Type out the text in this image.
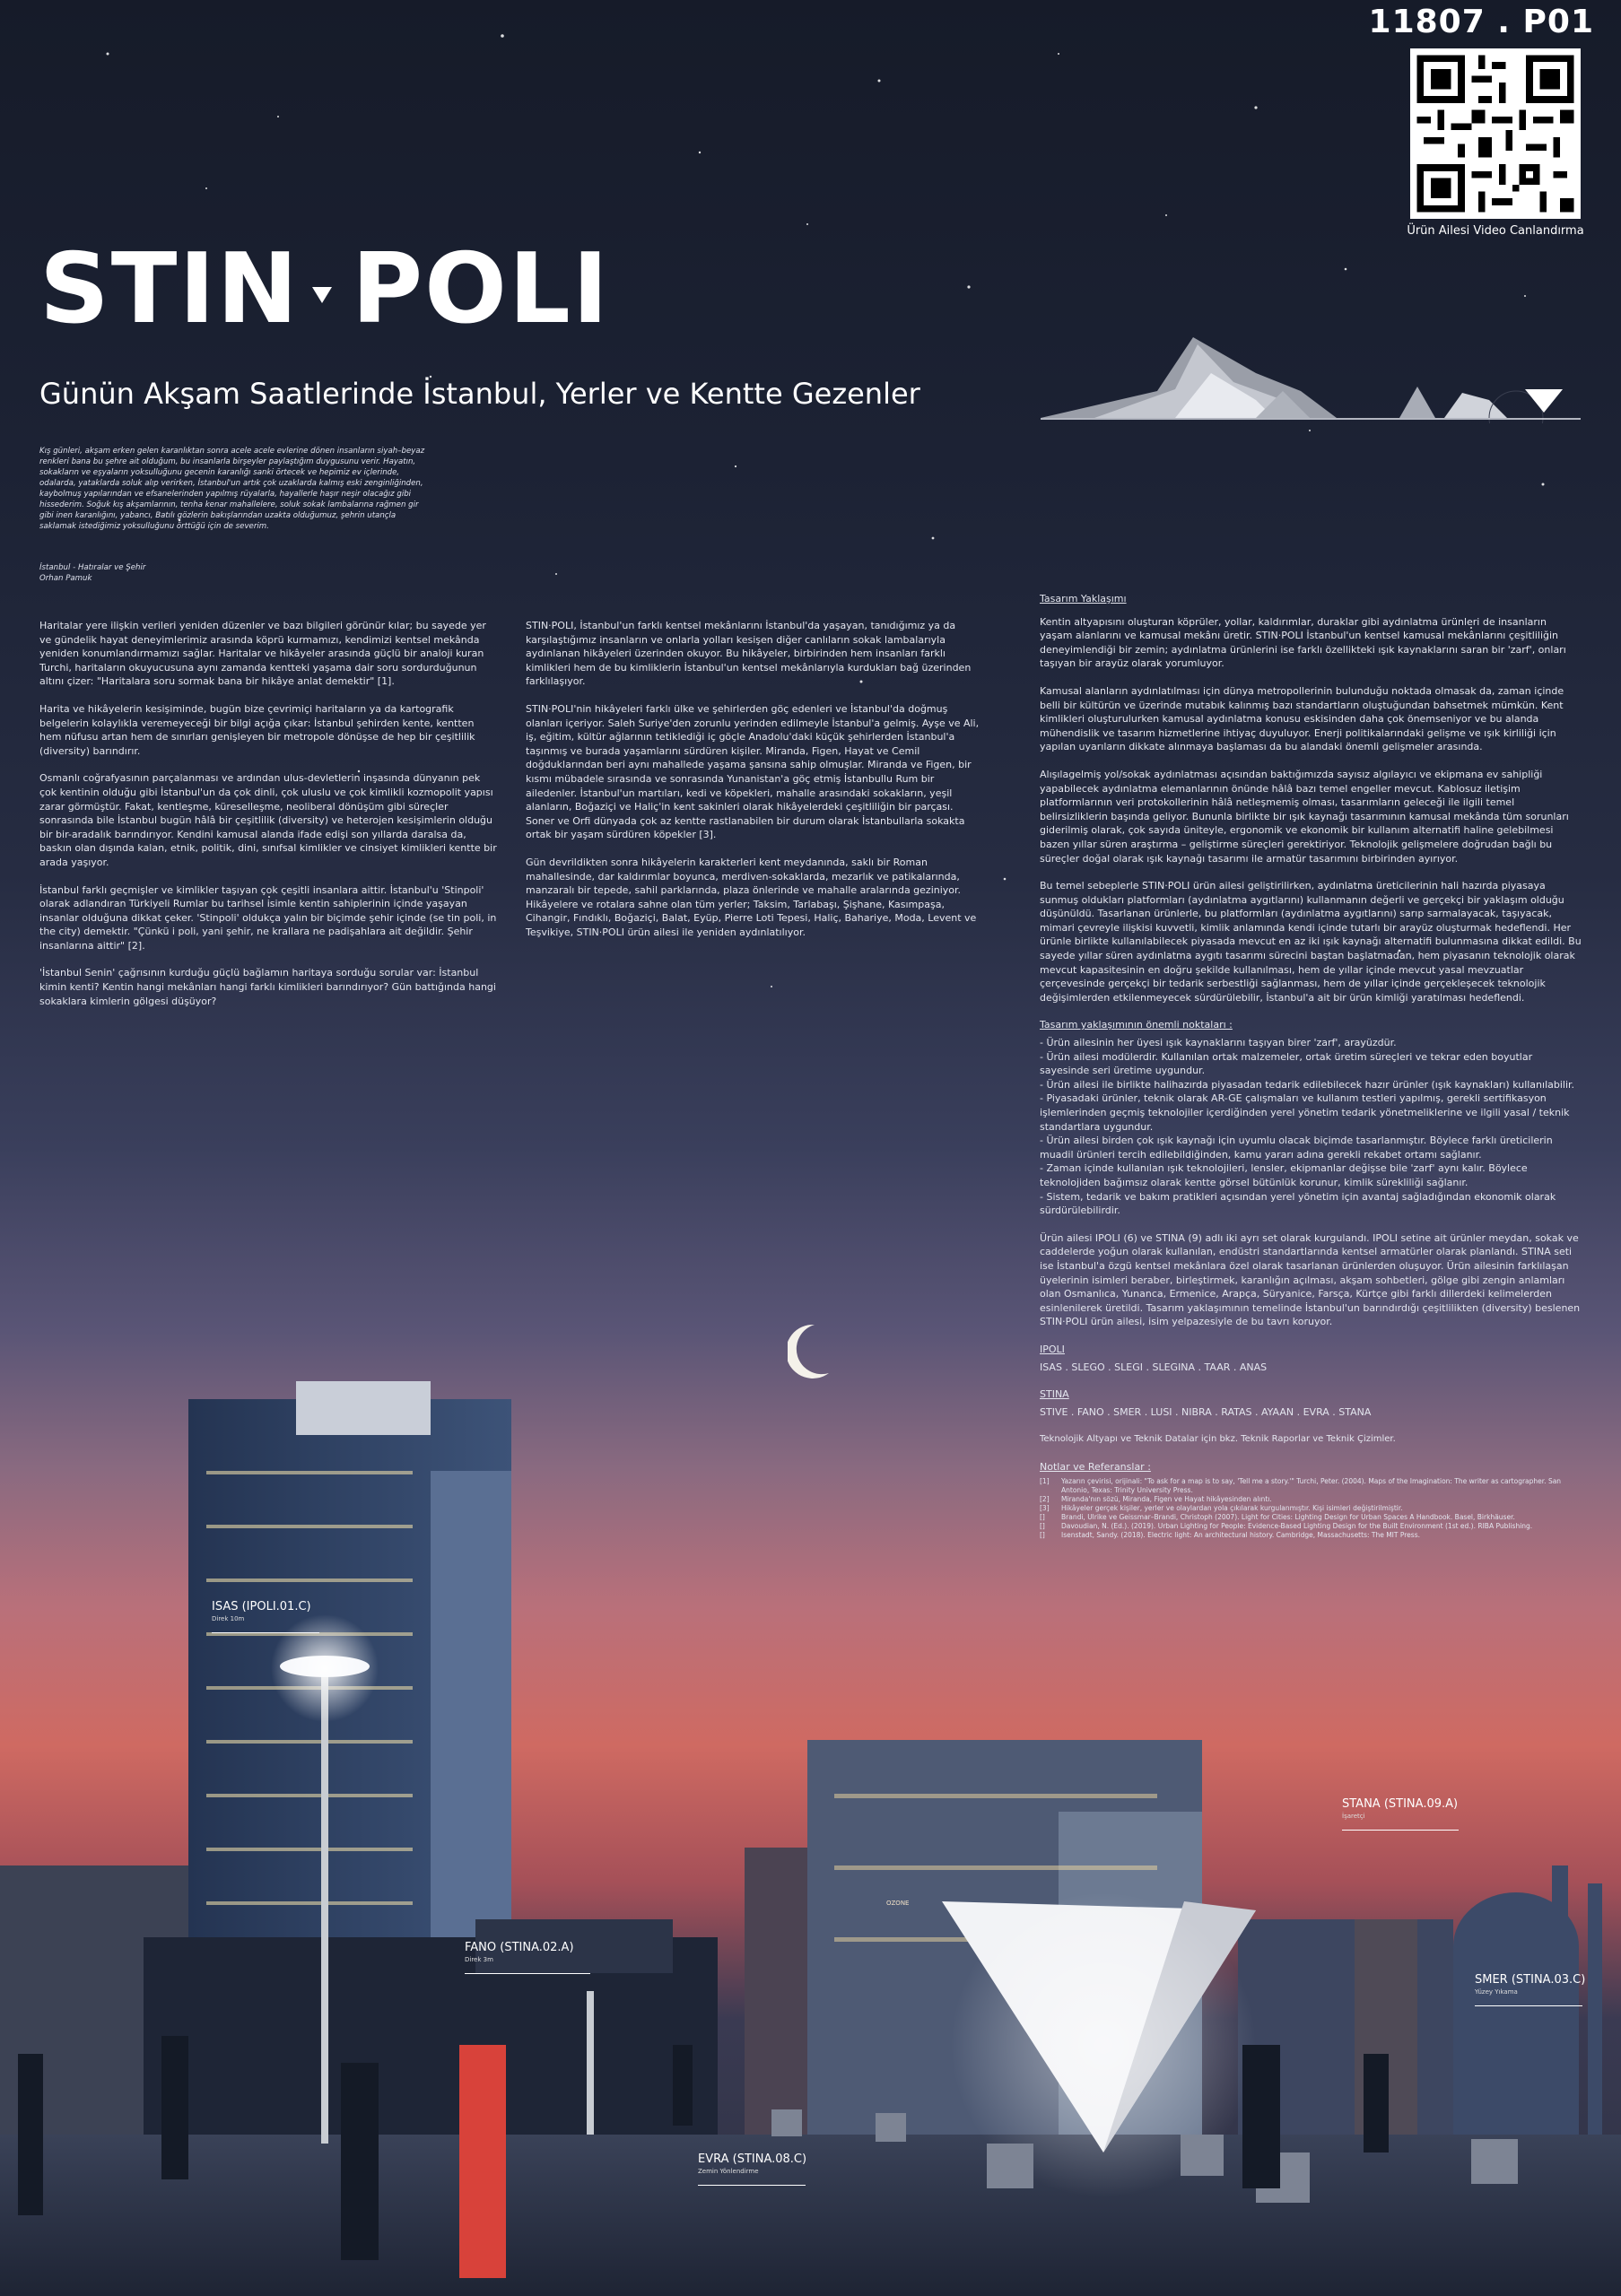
11807 . P01
Ürün Ailesi Video Canlandırma
STIN POLI
Günün Akşam Saatlerinde İstanbul, Yerler ve Kentte Gezenler
Kış günleri, akşam erken gelen karanlıktan sonra acele acele evlerine dönen insanların siyah–beyaz renkleri bana bu şehre ait olduğum, bu insanlarla birşeyler paylaştığım duygusunu verir. Hayatın, sokakların ve eşyaların yoksulluğunu gecenin karanlığı sanki örtecek ve hepimiz ev içlerinde, odalarda, yataklarda soluk alıp verirken, İstanbul'un artık çok uzaklarda kalmış eski zenginliğinden, kaybolmuş yapılarından ve efsanelerinden yapılmış rüyalarla, hayallerle haşır neşir olacağız gibi hissederim. Soğuk kış akşamlarının, tenha kenar mahallelere, soluk sokak lambalarına rağmen gir gibi inen karanlığını, yabancı, Batılı gözlerin bakışlarından uzakta olduğumuz, şehrin utançla saklamak istediğimiz yoksulluğunu örttüğü için de severim.
İstanbul - Hatıralar ve Şehir
Orhan Pamuk

Haritalar yere ilişkin verileri yeniden düzenler ve bazı bilgileri görünür kılar; bu sayede yer ve gündelik hayat deneyimlerimiz arasında köprü kurmamızı, kendimizi kentsel mekânda yeniden konumlandırmamızı sağlar. Haritalar ve hikâyeler arasında güçlü bir analoji kuran Turchi, haritaların okuyucusuna aynı zamanda kentteki yaşama dair soru sordurduğunun altını çizer: "Haritalara soru sormak bana bir hikâye anlat demektir" [1].

Harita ve hikâyelerin kesişiminde, bugün bize çevrimiçi haritaların ya da kartografik belgelerin kolaylıkla veremeyeceği bir bilgi açığa çıkar: İstanbul şehirden kente, kentten hem nüfusu artan hem de sınırları genişleyen bir metropole dönüşse de hep bir çeşitlilik (diversity) barındırır.

Osmanlı coğrafyasının parçalanması ve ardından ulus-devletlerin inşasında dünyanın pek çok kentinin olduğu gibi İstanbul'un da çok dinli, çok uluslu ve çok kimlikli kozmopolit yapısı zarar görmüştür. Fakat, kentleşme, küreselleşme, neoliberal dönüşüm gibi süreçler sonrasında bile İstanbul bugün hâlâ bir çeşitlilik (diversity) ve heterojen kesişimlerin olduğu bir bir-aradalık barındırıyor. Kendini kamusal alanda ifade edişi son yıllarda daralsa da, baskın olan dışında kalan, etnik, politik, dini, sınıfsal kimlikler ve cinsiyet kimlikleri kentte bir arada yaşıyor.

İstanbul farklı geçmişler ve kimlikler taşıyan çok çeşitli insanlara aittir. İstanbul'u 'Stinpoli' olarak adlandıran Türkiyeli Rumlar bu tarihsel isimle kentin sahiplerinin içinde yaşayan insanlar olduğuna dikkat çeker. 'Stinpoli' oldukça yalın bir biçimde şehir içinde (se tin poli, in the city) demektir. "Çünkü i poli, yani şehir, ne krallara ne padişahlara ait değildir. Şehir insanlarına aittir" [2].

'İstanbul Senin' çağrısının kurduğu güçlü bağlamın haritaya sorduğu sorular var: İstanbul kimin kenti? Kentin hangi mekânları hangi farklı kimlikleri barındırıyor? Gün battığında hangi sokaklara kimlerin gölgesi düşüyor?

STIN·POLI, İstanbul'un farklı kentsel mekânlarını İstanbul'da yaşayan, tanıdığımız ya da karşılaştığımız insanların ve onlarla yolları kesişen diğer canlıların sokak lambalarıyla aydınlanan hikâyeleri üzerinden okuyor. Bu hikâyeler, birbirinden hem insanları farklı kimlikleri hem de bu kimliklerin İstanbul'un kentsel mekânlarıyla kurdukları bağ üzerinden farklılaşıyor.

STIN·POLI'nin hikâyeleri farklı ülke ve şehirlerden göç edenleri ve İstanbul'da doğmuş olanları içeriyor. Saleh Suriye'den zorunlu yerinden edilmeyle İstanbul'a gelmiş. Ayşe ve Ali, iş, eğitim, kültür ağlarının tetiklediği iç göçle Anadolu'daki küçük şehirlerden İstanbul'a taşınmış ve burada yaşamlarını sürdüren kişiler. Miranda, Figen, Hayat ve Cemil doğduklarından beri aynı mahallede yaşama şansına sahip olmuşlar. Miranda ve Figen, bir kısmı mübadele sırasında ve sonrasında Yunanistan'a göç etmiş İstanbullu Rum bir ailedenler. İstanbul'un martıları, kedi ve köpekleri, mahalle arasındaki sokakların, yeşil alanların, Boğaziçi ve Haliç'in kent sakinleri olarak hikâyelerdeki çeşitliliğin bir parçası. Soner ve Orfi dünyada çok az kentte rastlanabilen bir durum olarak İstanbullarla sokakta ortak bir yaşam sürdüren köpekler [3].

Gün devrildikten sonra hikâyelerin karakterleri kent meydanında, saklı bir Roman mahallesinde, dar kaldırımlar boyunca, merdiven-sokaklarda, mezarlık ve patikalarında, manzaralı bir tepede, sahil parklarında, plaza önlerinde ve mahalle aralarında geziniyor. Hikâyelere ve rotalara sahne olan tüm yerler; Taksim, Tarlabaşı, Şişhane, Kasımpaşa, Cihangir, Fındıklı, Boğaziçi, Balat, Eyüp, Pierre Loti Tepesi, Haliç, Bahariye, Moda, Levent ve Teşvikiye, STIN·POLI ürün ailesi ile yeniden aydınlatılıyor.

Tasarım Yaklaşımı

Kentin altyapısını oluşturan köprüler, yollar, kaldırımlar, duraklar gibi aydınlatma ürünleri de insanların yaşam alanlarını ve kamusal mekânı üretir. STIN·POLI İstanbul'un kentsel kamusal mekânlarını çeşitliliğin deneyimlendiği bir zemin; aydınlatma ürünlerini ise farklı özellikteki ışık kaynaklarını saran bir 'zarf', onları taşıyan bir arayüz olarak yorumluyor.

Kamusal alanların aydınlatılması için dünya metropollerinin bulunduğu noktada olmasak da, zaman içinde belli bir kültürün ve üzerinde mutabık kalınmış bazı standartların oluştuğundan bahsetmek mümkün. Kent kimlikleri oluşturulurken kamusal aydınlatma konusu eskisinden daha çok önemseniyor ve bu alanda mühendislik ve tasarım hizmetlerine ihtiyaç duyuluyor. Enerji politikalarındaki gelişme ve ışık kirliliği için yapılan uyarıların dikkate alınmaya başlaması da bu alandaki önemli gelişmeler arasında.

Alışılagelmiş yol/sokak aydınlatması açısından baktığımızda sayısız algılayıcı ve ekipmana ev sahipliği yapabilecek aydınlatma elemanlarının önünde hâlâ bazı temel engeller mevcut. Kablosuz iletişim platformlarının veri protokollerinin hâlâ netleşmemiş olması, tasarımların geleceği ile ilgili temel belirsizliklerin başında geliyor. Bununla birlikte bir ışık kaynağı tasarımının kamusal mekânda tüm sorunları giderilmiş olarak, çok sayıda üniteyle, ergonomik ve ekonomik bir kullanım alternatifi haline gelebilmesi bazen yıllar süren araştırma – geliştirme süreçleri gerektiriyor. Teknolojik gelişmelere doğrudan bağlı bu süreçler doğal olarak ışık kaynağı tasarımı ile armatür tasarımını birbirinden ayırıyor.

Bu temel sebeplerle STIN·POLI ürün ailesi geliştirilirken, aydınlatma üreticilerinin hali hazırda piyasaya sunmuş oldukları platformları (aydınlatma aygıtlarını) kullanmanın değerli ve gerçekçi bir yaklaşım olduğu düşünüldü. Tasarlanan ürünlerle, bu platformları (aydınlatma aygıtlarını) sarıp sarmalayacak, taşıyacak, mimari çevreyle ilişkisi kuvvetli, kimlik anlamında kendi içinde tutarlı bir arayüz oluşturmak hedeflendi. Her ürünle birlikte kullanılabilecek piyasada mevcut en az iki ışık kaynağı alternatifi bulunmasına dikkat edildi. Bu sayede yıllar süren aydınlatma aygıtı tasarımı sürecini baştan başlatmadan, hem piyasanın teknolojik olarak mevcut kapasitesinin en doğru şekilde kullanılması, hem de yıllar içinde mevcut yasal mevzuatlar çerçevesinde gerçekçi bir tedarik serbestliği sağlanması, hem de yıllar içinde gerçekleşecek teknolojik değişimlerden etkilenmeyecek sürdürülebilir, İstanbul'a ait bir ürün kimliği yaratılması hedeflendi.

Tasarım yaklaşımının önemli noktaları :

- Ürün ailesinin her üyesi ışık kaynaklarını taşıyan birer 'zarf', arayüzdür.
- Ürün ailesi modülerdir. Kullanılan ortak malzemeler, ortak üretim süreçleri ve tekrar eden boyutlar sayesinde seri üretime uygundur.
- Ürün ailesi ile birlikte halihazırda piyasadan tedarik edilebilecek hazır ürünler (ışık kaynakları) kullanılabilir.
- Piyasadaki ürünler, teknik olarak AR-GE çalışmaları ve kullanım testleri yapılmış, gerekli sertifikasyon işlemlerinden geçmiş teknolojiler içerdiğinden yerel yönetim tedarik yönetmeliklerine ve ilgili yasal / teknik standartlara uygundur.
- Ürün ailesi birden çok ışık kaynağı için uyumlu olacak biçimde tasarlanmıştır. Böylece farklı üreticilerin muadil ürünleri tercih edilebildiğinden, kamu yararı adına gerekli rekabet ortamı sağlanır.
- Zaman içinde kullanılan ışık teknolojileri, lensler, ekipmanlar değişse bile 'zarf' aynı kalır. Böylece teknolojiden bağımsız olarak kentte görsel bütünlük korunur, kimlik sürekliliği sağlanır.
- Sistem, tedarik ve bakım pratikleri açısından yerel yönetim için avantaj sağladığından ekonomik olarak sürdürülebilirdir.

Ürün ailesi IPOLI (6) ve STINA (9) adlı iki ayrı set olarak kurgulandı. IPOLI setine ait ürünler meydan, sokak ve caddelerde yoğun olarak kullanılan, endüstri standartlarında kentsel armatürler olarak planlandı. STINA seti ise İstanbul'a özgü kentsel mekânlara özel olarak tasarlanan ürünlerden oluşuyor. Ürün ailesinin farklılaşan üyelerinin isimleri beraber, birleştirmek, karanlığın açılması, akşam sohbetleri, gölge gibi zengin anlamları olan Osmanlıca, Yunanca, Ermenice, Arapça, Süryanice, Farsça, Kürtçe gibi farklı dillerdeki kelimelerden esinlenilerek üretildi. Tasarım yaklaşımının temelinde İstanbul'un barındırdığı çeşitlilikten (diversity) beslenen STIN·POLI ürün ailesi, isim yelpazesiyle de bu tavrı koruyor.

IPOLI

ISAS . SLEGO . SLEGI . SLEGINA . TAAR . ANAS

STINA

STIVE . FANO . SMER . LUSI . NIBRA . RATAS . AYAAN . EVRA . STANA

Teknolojik Altyapı ve Teknik Datalar için bkz. Teknik Raporlar ve Teknik Çizimler.

Notlar ve Referanslar :

[1]	Yazarın çevirisi, orijinali: "To ask for a map is to say, 'Tell me a story.'" Turchi, Peter. (2004). Maps of the Imagination: The writer as cartographer. San Antonio, Texas: Trinity University Press.
[2]	Miranda'nın sözü, Miranda, Figen ve Hayat hikâyesinden alıntı.
[3]	Hikâyeler gerçek kişiler, yerler ve olaylardan yola çıkılarak kurgulanmıştır. Kişi isimleri değiştirilmiştir.
[]	Brandi, Ulrike ve Geissmar–Brandi, Christoph (2007). Light for Cities: Lighting Design for Urban Spaces A Handbook. Basel, Birkhäuser.
[]	Davoudian, N. (Ed.). (2019). Urban Lighting for People: Evidence-Based Lighting Design for the Built Environment (1st ed.). RIBA Publishing.
[]	Isenstadt, Sandy. (2018). Electric light: An architectural history. Cambridge, Massachusetts: The MIT Press.
ISAS (IPOLI.01.C)
Direk 10m
FANO (STINA.02.A)
Direk 3m
STANA (STINA.09.A)
İşaretçi
SMER (STINA.03.C)
Yüzey Yıkama
EVRA (STINA.08.C)
Zemin Yönlendirme
OZONE
